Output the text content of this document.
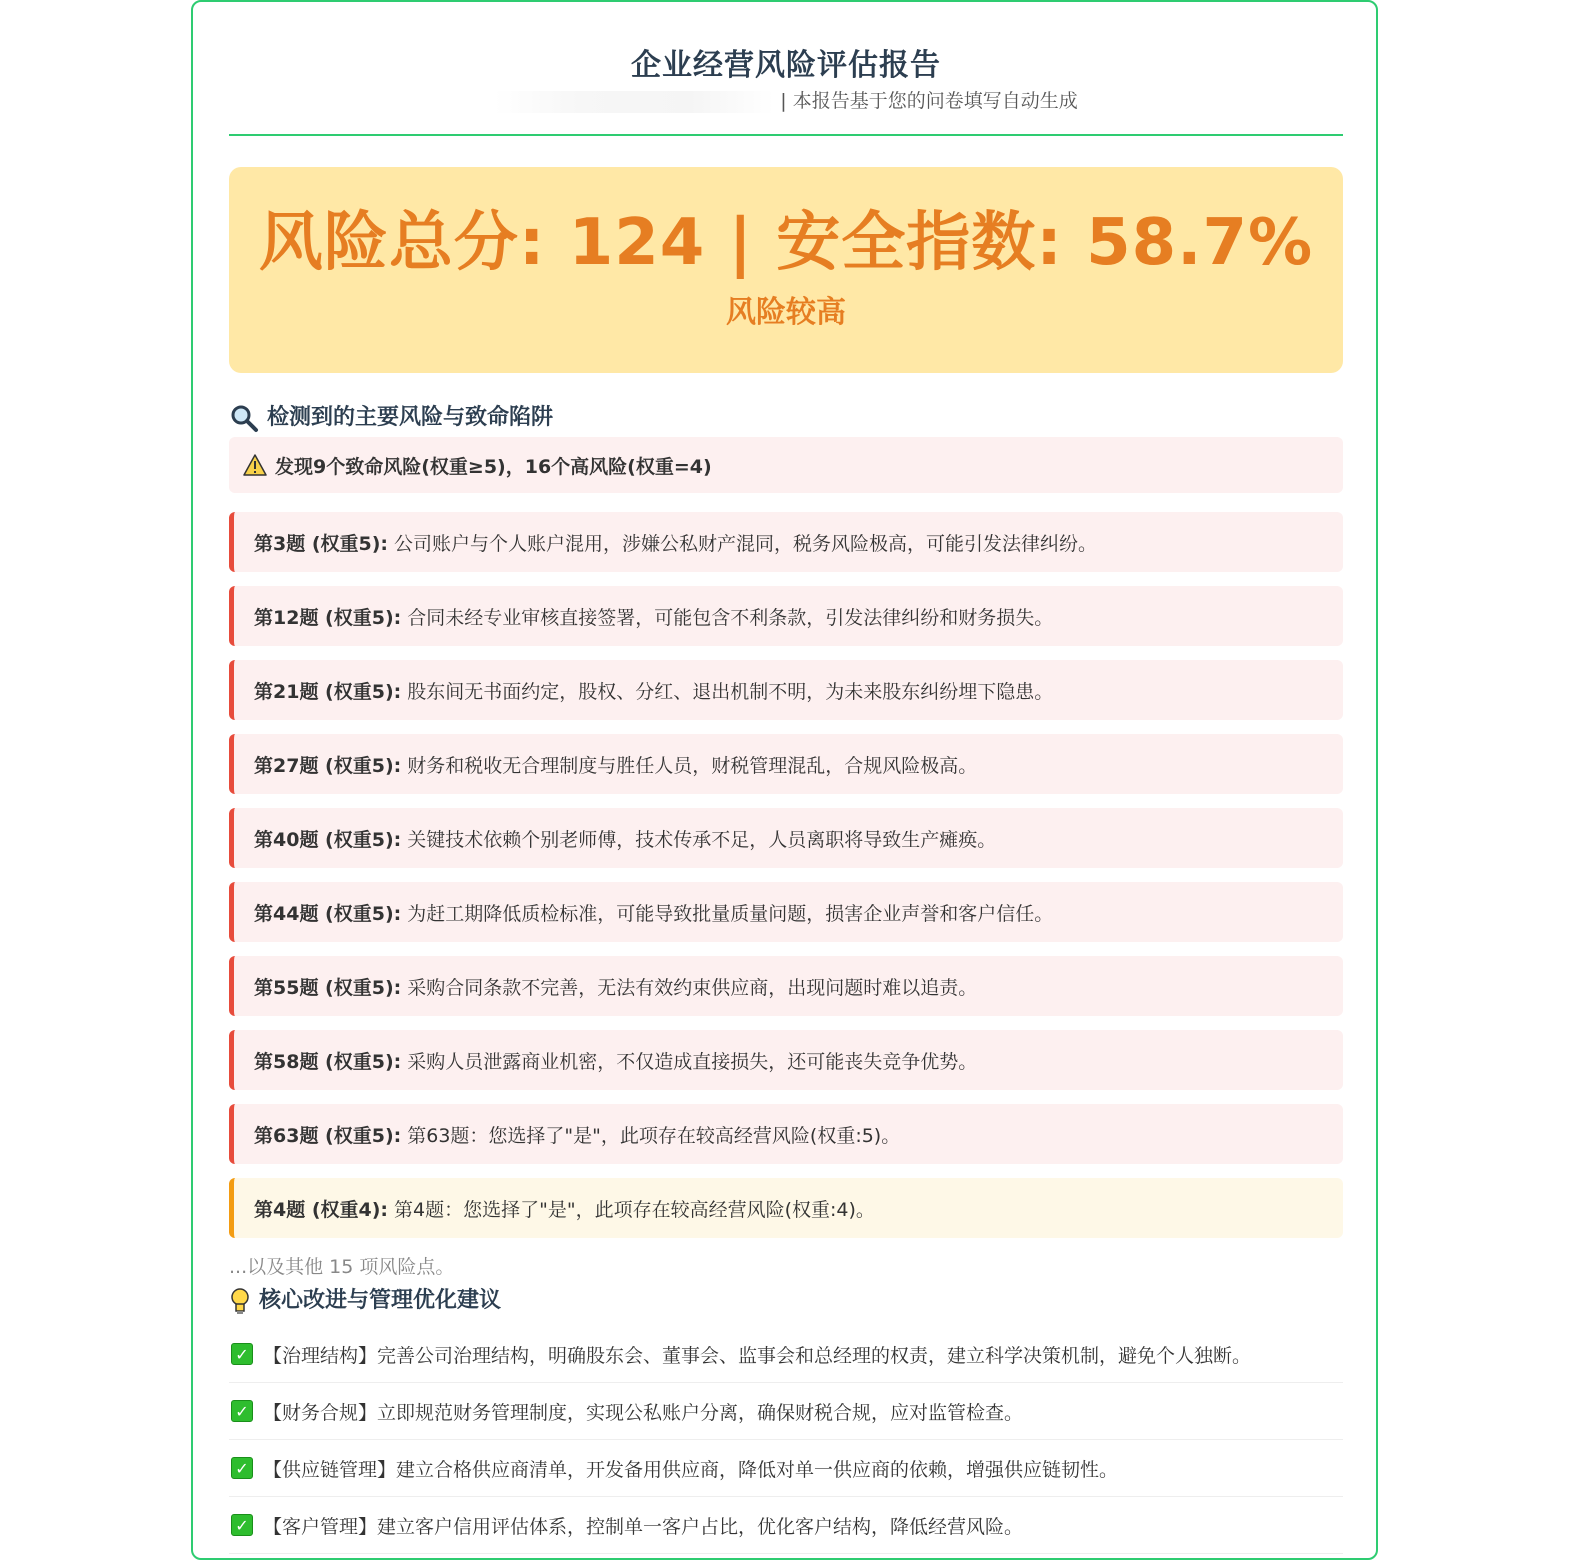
企业经营风险评估报告
| 本报告基于您的问卷填写自动生成
风险总分: 124 | 安全指数: 58.7%
风险较高
检测到的主要风险与致命陷阱
发现9个致命风险(权重≥5)，16个高风险(权重=4)
第3题 (权重5): 公司账户与个人账户混用，涉嫌公私财产混同，税务风险极高，可能引发法律纠纷。
第12题 (权重5): 合同未经专业审核直接签署，可能包含不利条款，引发法律纠纷和财务损失。
第21题 (权重5): 股东间无书面约定，股权、分红、退出机制不明，为未来股东纠纷埋下隐患。
第27题 (权重5): 财务和税收无合理制度与胜任人员，财税管理混乱，合规风险极高。
第40题 (权重5): 关键技术依赖个别老师傅，技术传承不足，人员离职将导致生产瘫痪。
第44题 (权重5): 为赶工期降低质检标准，可能导致批量质量问题，损害企业声誉和客户信任。
第55题 (权重5): 采购合同条款不完善，无法有效约束供应商，出现问题时难以追责。
第58题 (权重5): 采购人员泄露商业机密，不仅造成直接损失，还可能丧失竞争优势。
第63题 (权重5): 第63题：您选择了"是"，此项存在较高经营风险(权重:5)。
第4题 (权重4): 第4题：您选择了"是"，此项存在较高经营风险(权重:4)。
...以及其他 15 项风险点。
核心改进与管理优化建议
✓ 【治理结构】完善公司治理结构，明确股东会、董事会、监事会和总经理的权责，建立科学决策机制，避免个人独断。
✓ 【财务合规】立即规范财务管理制度，实现公私账户分离，确保财税合规，应对监管检查。
✓ 【供应链管理】建立合格供应商清单，开发备用供应商，降低对单一供应商的依赖，增强供应链韧性。
✓ 【客户管理】建立客户信用评估体系，控制单一客户占比，优化客户结构，降低经营风险。
